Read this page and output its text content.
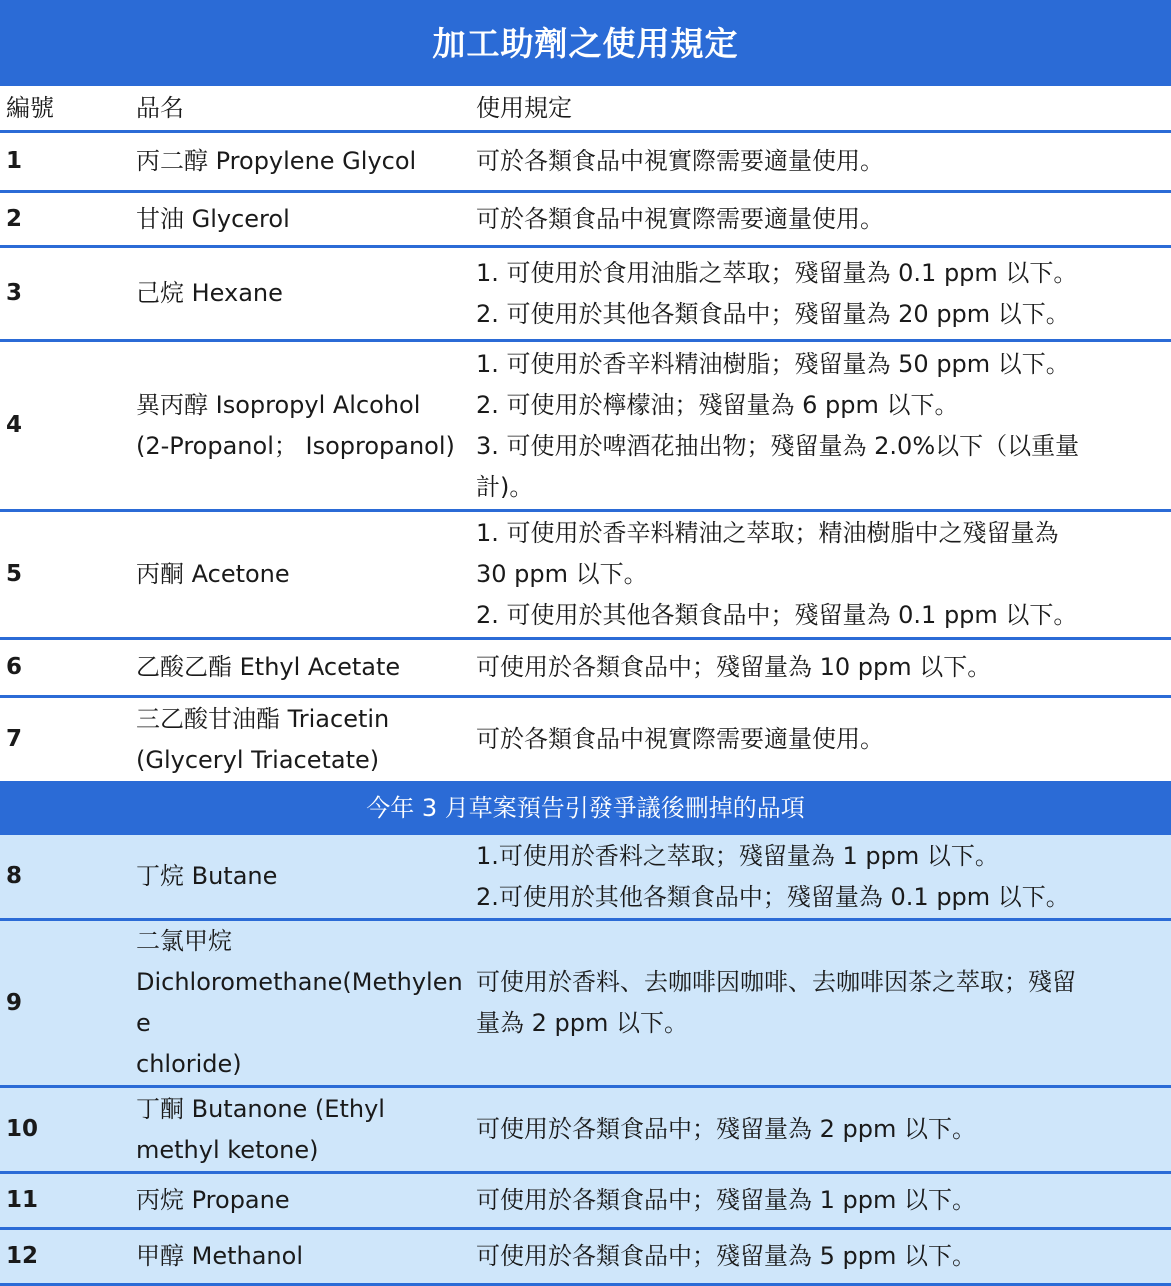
加工助劑之使用規定		
編號	品名	使用規定
1	丙二醇 Propylene Glycol	可於各類食品中視實際需要適量使用。

2	甘油 Glycerol	可於各類食品中視實際需要適量使用。

3	己烷 Hexane	1. 可使用於食用油脂之萃取；殘留量為 0.1 ppm 以下。
2. 可使用於其他各類食品中；殘留量為 20 ppm 以下。

4	異丙醇 Isopropyl Alcohol
(2-Propanol； Isopropanol)	1. 可使用於香辛料精油樹脂；殘留量為 50 ppm 以下。
2. 可使用於檸檬油；殘留量為 6 ppm 以下。
3. 可使用於啤酒花抽出物；殘留量為 2.0%以下（以重量
計)。

5	丙酮 Acetone	1. 可使用於香辛料精油之萃取；精油樹脂中之殘留量為
30 ppm 以下。
2. 可使用於其他各類食品中；殘留量為 0.1 ppm 以下。

6	乙酸乙酯 Ethyl Acetate	可使用於各類食品中；殘留量為 10 ppm 以下。

7	三乙酸甘油酯 Triacetin
(Glyceryl Triacetate)	可於各類食品中視實際需要適量使用。

今年 3 月草案預告引發爭議後刪掉的品項		
8	丁烷 Butane	1.可使用於香料之萃取；殘留量為 1 ppm 以下。
2.可使用於其他各類食品中；殘留量為 0.1 ppm 以下。

9	二氯甲烷
Dichloromethane(Methylene
chloride)	可使用於香料、去咖啡因咖啡、去咖啡因茶之萃取；殘留
量為 2 ppm 以下。

10	丁酮 Butanone (Ethyl
methyl ketone)	可使用於各類食品中；殘留量為 2 ppm 以下。

11	丙烷 Propane	可使用於各類食品中；殘留量為 1 ppm 以下。

12	甲醇 Methanol	可使用於各類食品中；殘留量為 5 ppm 以下。
